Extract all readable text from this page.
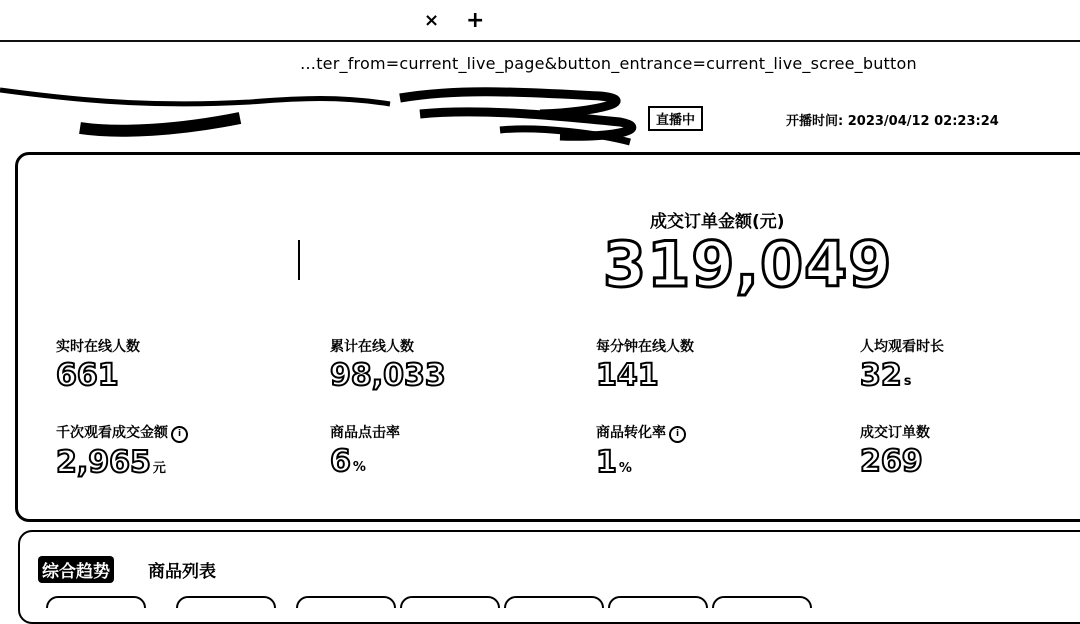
× +
…ter_from=current_live_page&button_entrance=current_live_scree_button
直播中	开播时间: 2023/04/12 02:23:24
成交订单金额(元)
319,049
实时在线人数
661
累计在线人数
98,033
每分钟在线人数
141
人均观看时长
32 s
千次观看成交金额 i
2,965 元
商品点击率
6 %
商品转化率 i
1 %
成交订单数
269
综合趋势 商品列表
